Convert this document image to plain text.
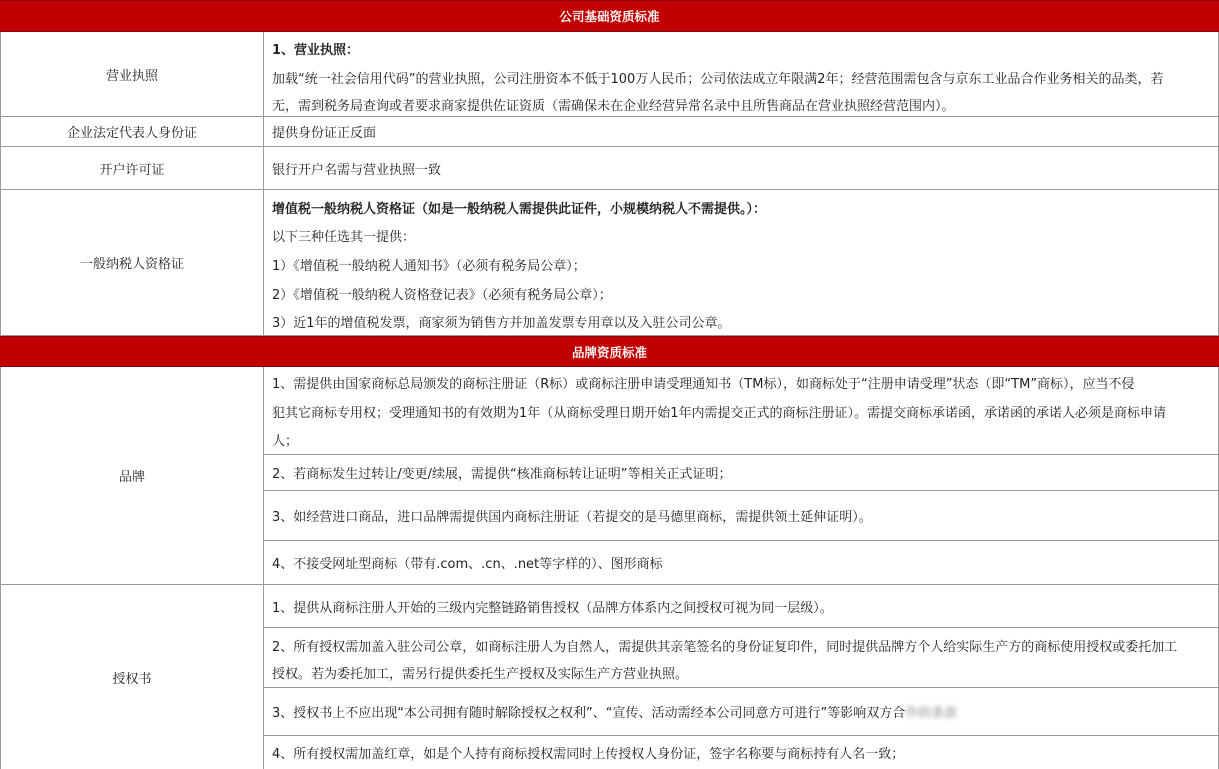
公司基础资质标准
营业执照
1、营业执照：
加载“统一社会信用代码”的营业执照，公司注册资本不低于100万人民币；公司依法成立年限满2年；经营范围需包含与京东工业品合作业务相关的品类，若
无，需到税务局查询或者要求商家提供佐证资质（需确保未在企业经营异常名录中且所售商品在营业执照经营范围内）。
企业法定代表人身份证	提供身份证正反面
开户许可证	银行开户名需与营业执照一致
一般纳税人资格证
增值税一般纳税人资格证（如是一般纳税人需提供此证件，小规模纳税人不需提供。）：
以下三种任选其一提供：
1）《增值税一般纳税人通知书》（必须有税务局公章）；
2）《增值税一般纳税人资格登记表》（必须有税务局公章）；
3）近1年的增值税发票，商家须为销售方并加盖发票专用章以及入驻公司公章。
品牌资质标准
品牌
1、需提供由国家商标总局颁发的商标注册证（R标）或商标注册申请受理通知书（TM标），如商标处于“注册申请受理”状态（即“TM”商标），应当不侵
犯其它商标专用权；受理通知书的有效期为1年（从商标受理日期开始1年内需提交正式的商标注册证）。需提交商标承诺函，承诺函的承诺人必须是商标申请
人；
2、若商标发生过转让/变更/续展，需提供“核准商标转让证明”等相关正式证明；
3、如经营进口商品，进口品牌需提供国内商标注册证（若提交的是马德里商标，需提供领土延伸证明）。
4、不接受网址型商标（带有.com、.cn、.net等字样的）、图形商标
授权书
1、提供从商标注册人开始的三级内完整链路销售授权（品牌方体系内之间授权可视为同一层级）。
2、所有授权需加盖入驻公司公章，如商标注册人为自然人，需提供其亲笔签名的身份证复印件，同时提供品牌方个人给实际生产方的商标使用授权或委托加工
授权。若为委托加工，需另行提供委托生产授权及实际生产方营业执照。
3、授权书上不应出现“本公司拥有随时解除授权之权利”、“宣传、活动需经本公司同意方可进行”等影响双方合 作的条款
4、所有授权需加盖红章，如是个人持有商标授权需同时上传授权人身份证，签字名称要与商标持有人名一致；
